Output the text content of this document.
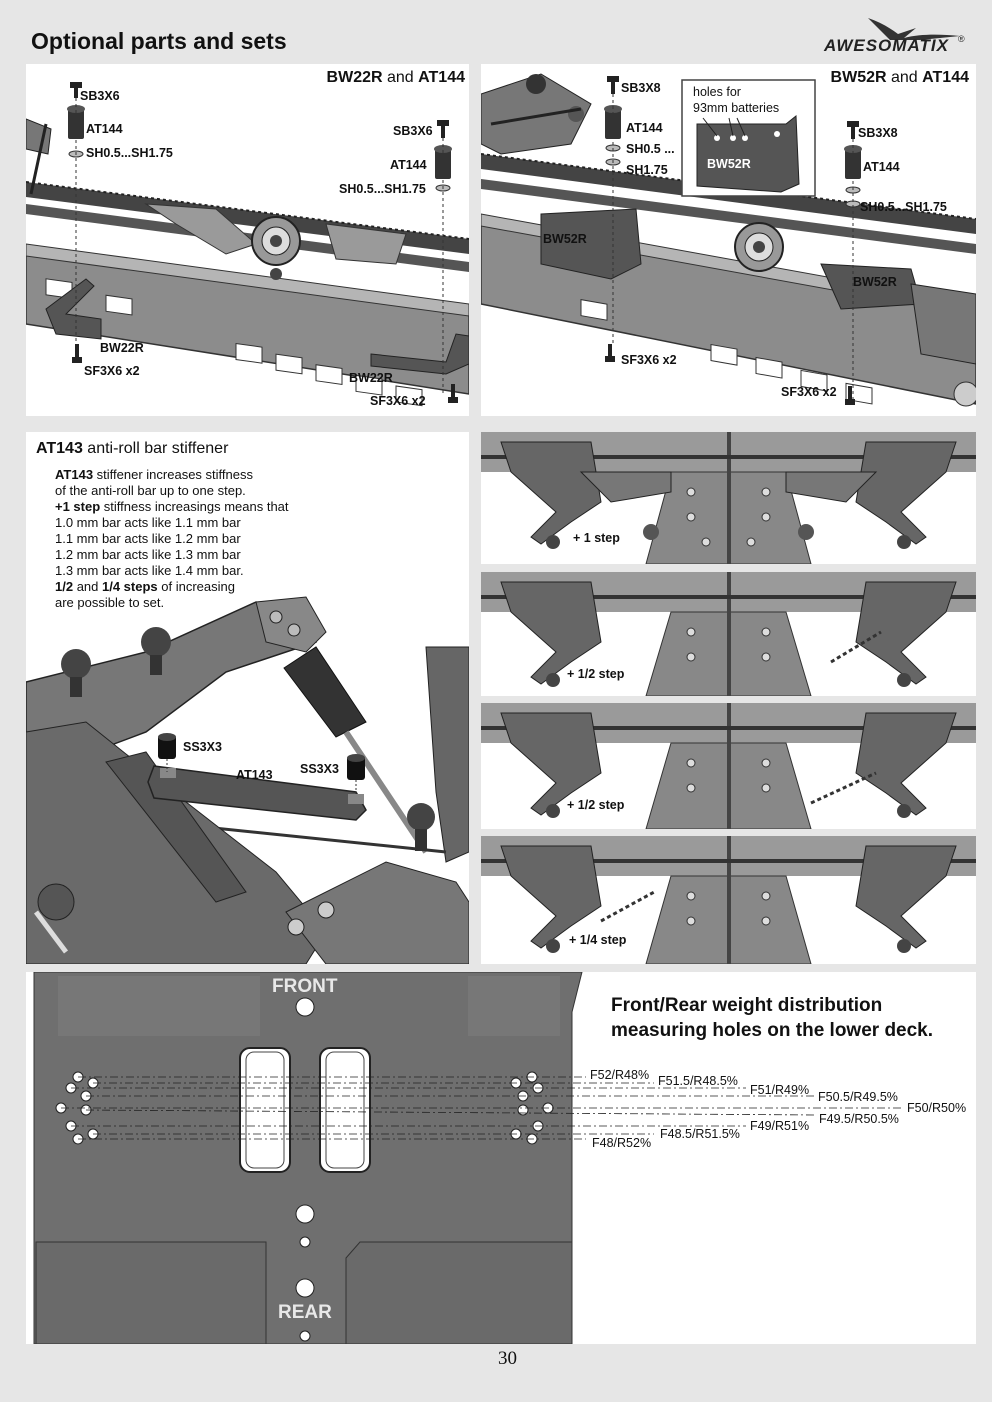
Optional parts and sets	AWESOMATIX ®
BW22R and AT144
SB3X6
AT144
SH0.5...SH1.75
SB3X6
AT144
SH0.5...SH1.75
BW22R
SF3X6 x2	BW22R
SF3X6 x2
BW52R and AT144
holes for
93mm batteries
BW52R
SB3X8
AT144
SH0.5 ...
SH1.75
SB3X8
AT144
SH0.5...SH1.75
BW52R
BW52R
SF3X6 x2
SF3X6 x2
AT143 anti-roll bar stiffener
AT143 stiffener increases stiffness
of the anti-roll bar up to one step.
+1 step stiffness increasings means that
1.0 mm bar acts like 1.1 mm bar
1.1 mm bar acts like 1.2 mm bar
1.2 mm bar acts like 1.3 mm bar
1.3 mm bar acts like 1.4 mm bar.
1/2 and 1/4 steps of increasing
are possible to set.
SS3X3
AT143 SS3X3
+ 1 step
+ 1/2 step
+ 1/2 step
+ 1/4 step
FRONT
REAR
Front/Rear weight distribution
measuring holes on the lower deck.
F52/R48% F51.5/R48.5%
F51/R49% F50.5/R49.5%
F50/R50%
F49.5/R50.5%
F49/R51%
F48.5/R51.5%
F48/R52%
30
